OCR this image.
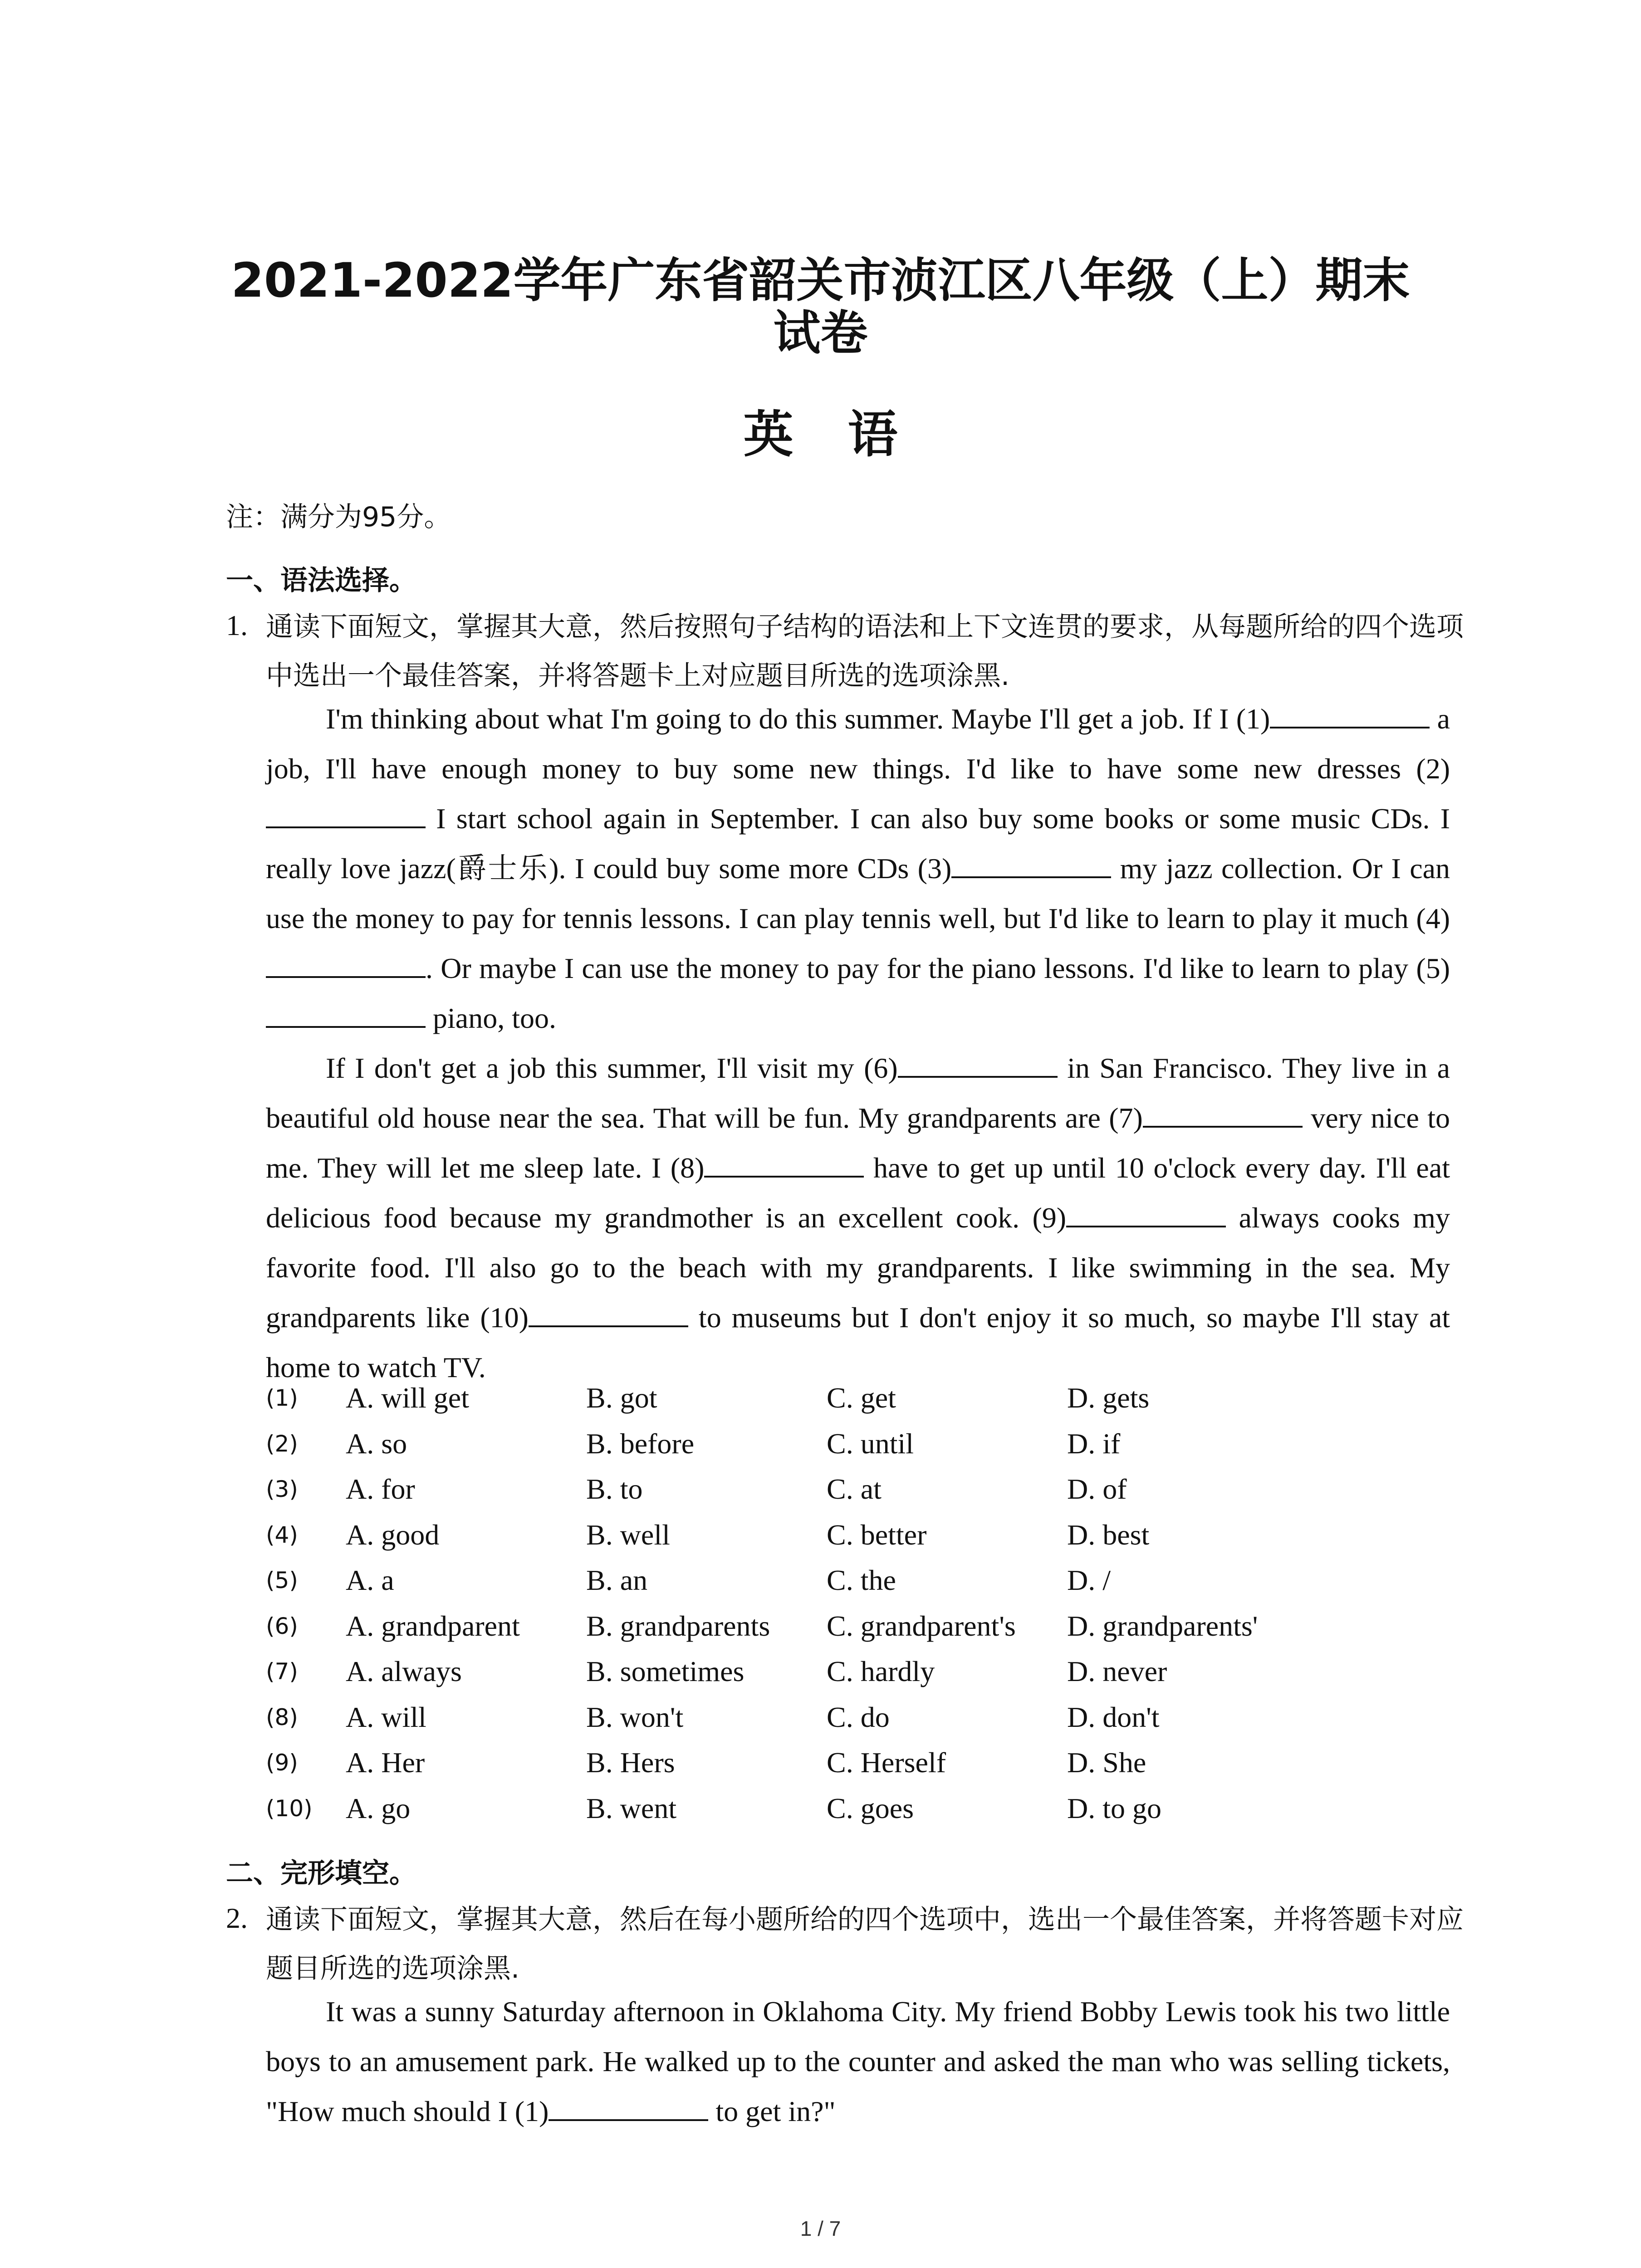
2021-2022学年广东省韶关市浈江区八年级（上）期末
试卷
英语
注：满分为95分。
一、语法选择。
1. 通读下面短文，掌握其大意，然后按照句子结构的语法和上下文连贯的要求，从每题所给的四个选项中选出一个最佳答案，并将答题卡上对应题目所选的选项涂黑.

I'm thinking about what I'm going to do this summer. Maybe I'll get a job. If I (1)	a job, I'll have enough money to buy some new things. I'd like to have some new dresses (2) I start school again in September. I can also buy some books or some music CDs. I really love jazz(爵士乐). I could buy some more CDs (3)	my jazz collection. Or I can use the money to pay for tennis lessons. I can play tennis well, but I'd like to learn to play it much (4). Or maybe I can use the money to pay for the piano lessons. I'd like to learn to play (5) piano, too.

If I don't get a job this summer, I'll visit my (6)	in San Francisco. They live in a beautiful old house near the sea. That will be fun. My grandparents are (7)	very nice to me. They will let me sleep late. I (8)	have to get up until 10 o'clock every day. I'll eat delicious food because my grandmother is an excellent cook. (9)	always cooks my favorite food. I'll also go to the beach with my grandparents. I like swimming in the sea. My grandparents like (10)	to museums but I don't enjoy it so much, so maybe I'll stay at home to watch TV.

(1)	A. will get	B. got	C. get	D. gets
(2)	A. so	B. before	C. until	D. if
(3)	A. for	B. to	C. at	D. of
(4)	A. good	B. well	C. better	D. best
(5)	A. a	B. an	C. the	D. /
(6)	A. grandparent	B. grandparents	C. grandparent's	D. grandparents'
(7)	A. always	B. sometimes	C. hardly	D. never
(8)	A. will	B. won't	C. do	D. don't
(9)	A. Her	B. Hers	C. Herself	D. She
(10)	A. go	B. went	C. goes	D. to go
二、完形填空。
2. 通读下面短文，掌握其大意，然后在每小题所给的四个选项中，选出一个最佳答案，并将答题卡对应题目所选的选项涂黑.

It was a sunny Saturday afternoon in Oklahoma City. My friend Bobby Lewis took his two little boys to an amusement park. He walked up to the counter and asked the man who was selling tickets, "How much should I (1)	to get in?"

1 / 7
